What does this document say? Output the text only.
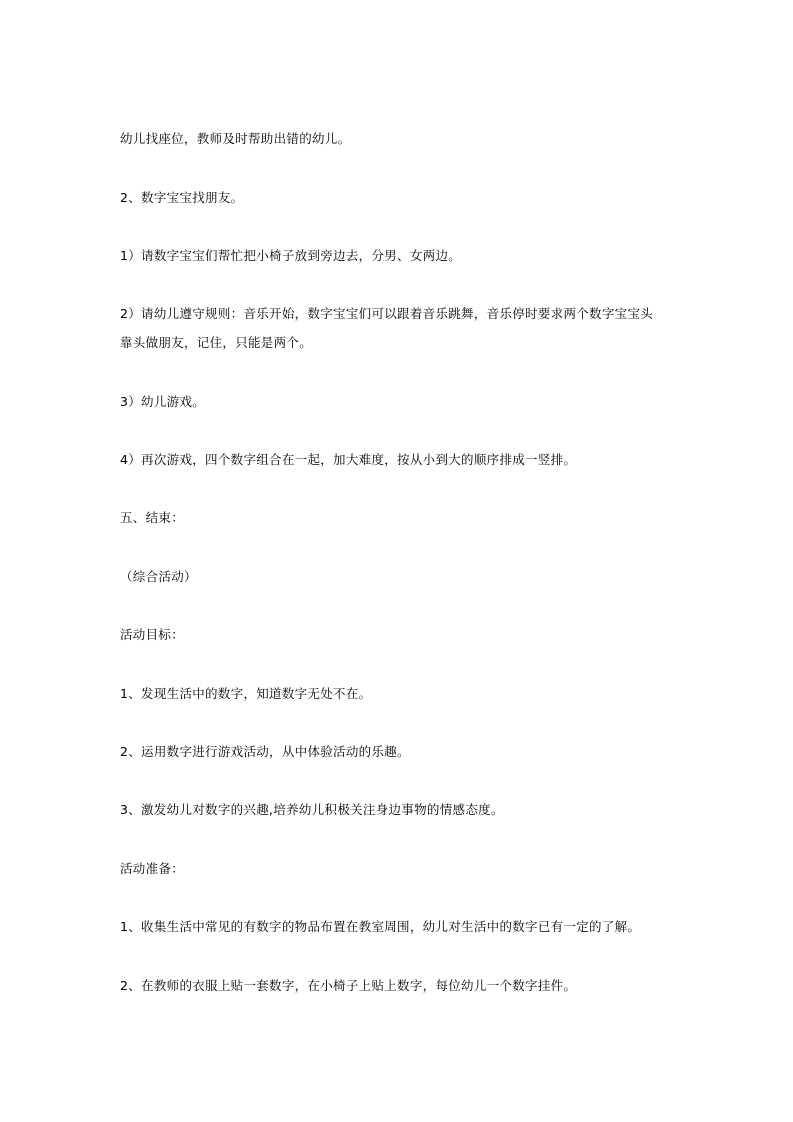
幼儿找座位，教师及时帮助出错的幼儿。
2、数字宝宝找朋友。
1）请数字宝宝们帮忙把小椅子放到旁边去，分男、女两边。
2）请幼儿遵守规则：音乐开始，数字宝宝们可以跟着音乐跳舞，音乐停时要求两个数字宝宝头
靠头做朋友，记住，只能是两个。
3）幼儿游戏。
4）再次游戏，四个数字组合在一起，加大难度，按从小到大的顺序排成一竖排。
五、结束：
（综合活动）
活动目标：
1、发现生活中的数字，知道数字无处不在。
2、运用数字进行游戏活动，从中体验活动的乐趣。
3、激发幼儿对数字的兴趣,培养幼儿积极关注身边事物的情感态度。
活动准备：
1、收集生活中常见的有数字的物品布置在教室周围，幼儿对生活中的数字已有一定的了解。
2、在教师的衣服上贴一套数字，在小椅子上贴上数字，每位幼儿一个数字挂件。
